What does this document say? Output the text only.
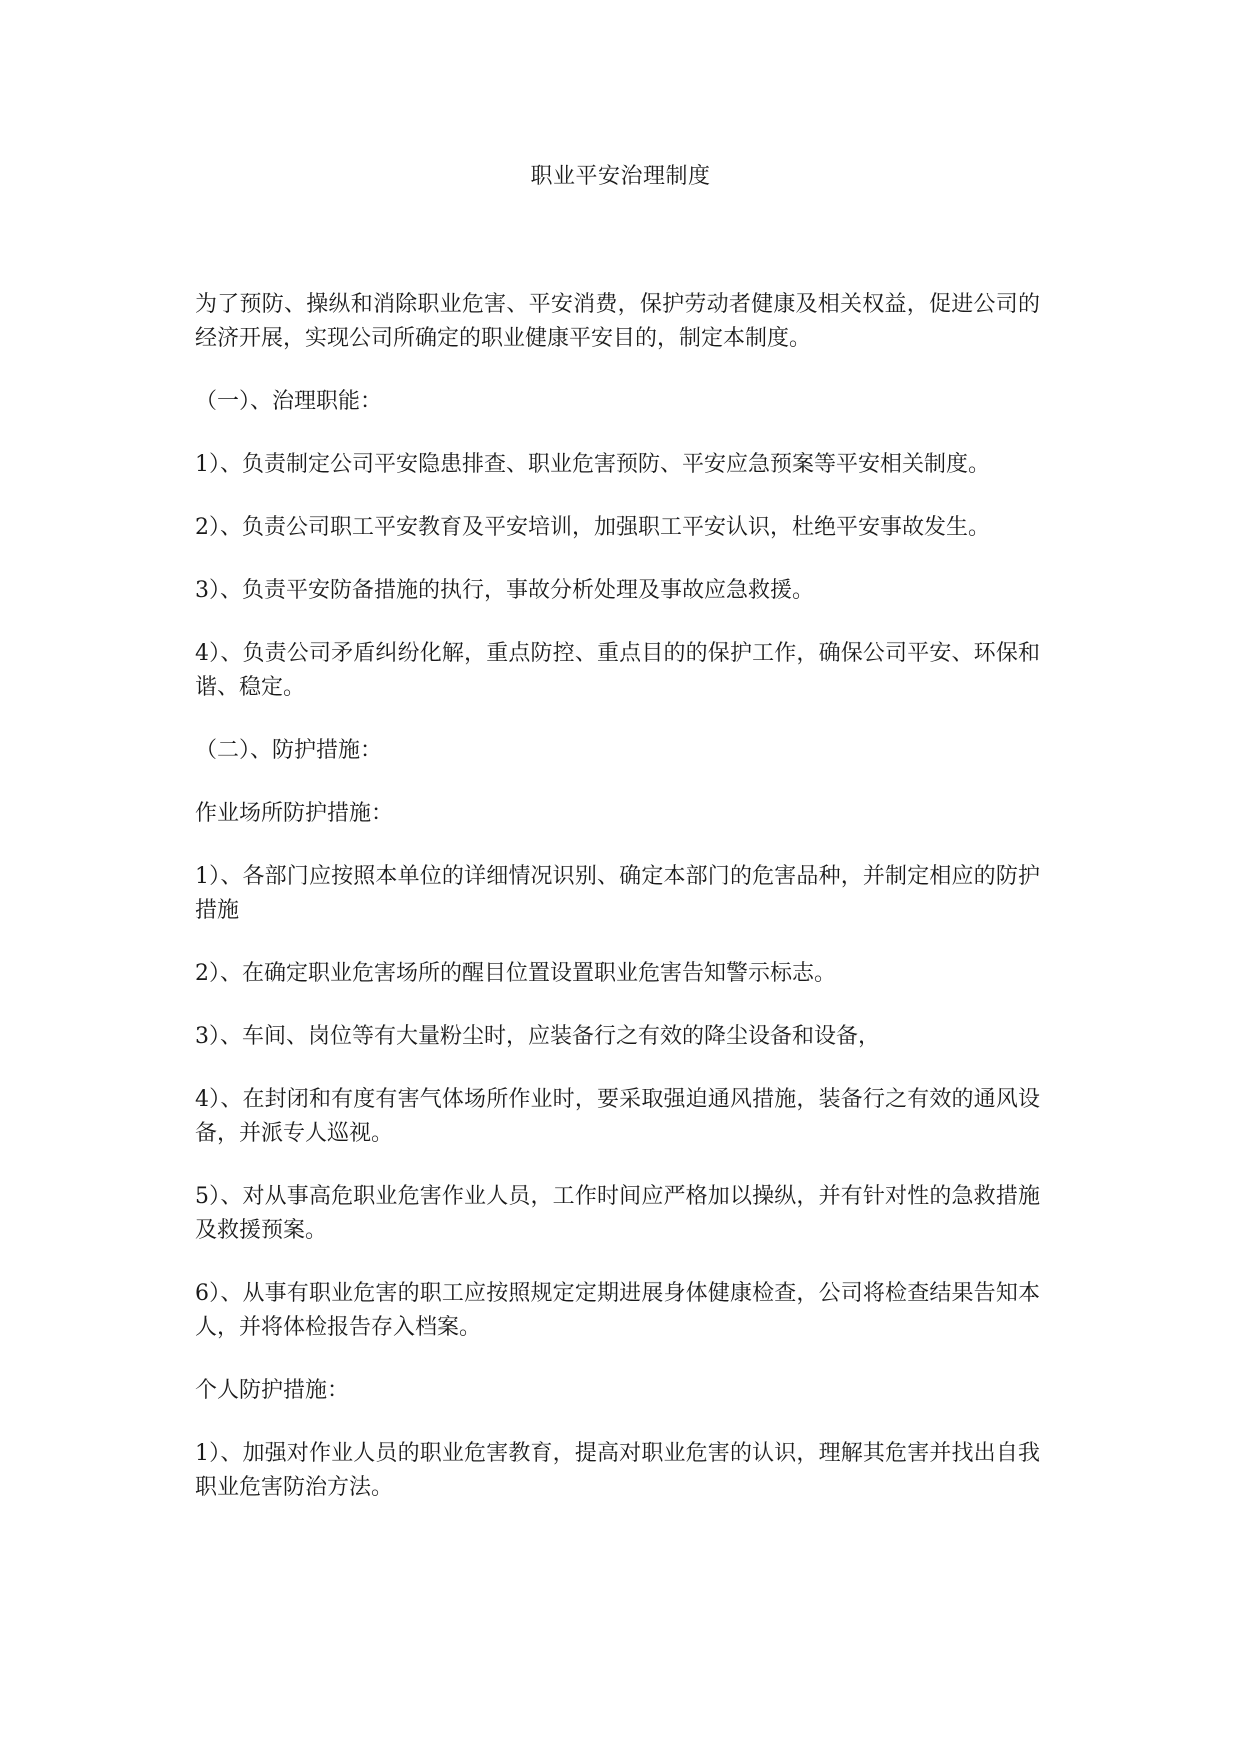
职业平安治理制度

为了预防、操纵和消除职业危害、平安消费，保护劳动者健康及相关权益，促进公司的经济开展，实现公司所确定的职业健康平安目的，制定本制度。

（一）、治理职能：

1）、负责制定公司平安隐患排查、职业危害预防、平安应急预案等平安相关制度。

2）、负责公司职工平安教育及平安培训，加强职工平安认识，杜绝平安事故发生。

3）、负责平安防备措施的执行，事故分析处理及事故应急救援。

4）、负责公司矛盾纠纷化解，重点防控、重点目的的保护工作，确保公司平安、环保和谐、稳定。

（二）、防护措施：

作业场所防护措施：

1）、各部门应按照本单位的详细情况识别、确定本部门的危害品种，并制定相应的防护措施

2）、在确定职业危害场所的醒目位置设置职业危害告知警示标志。

3）、车间、岗位等有大量粉尘时，应装备行之有效的降尘设备和设备，

4）、在封闭和有度有害气体场所作业时，要采取强迫通风措施，装备行之有效的通风设备，并派专人巡视。

5）、对从事高危职业危害作业人员，工作时间应严格加以操纵，并有针对性的急救措施及救援预案。

6）、从事有职业危害的职工应按照规定定期进展身体健康检查，公司将检查结果告知本人，并将体检报告存入档案。

个人防护措施：

1）、加强对作业人员的职业危害教育，提高对职业危害的认识，理解其危害并找出自我职业危害防治方法。
